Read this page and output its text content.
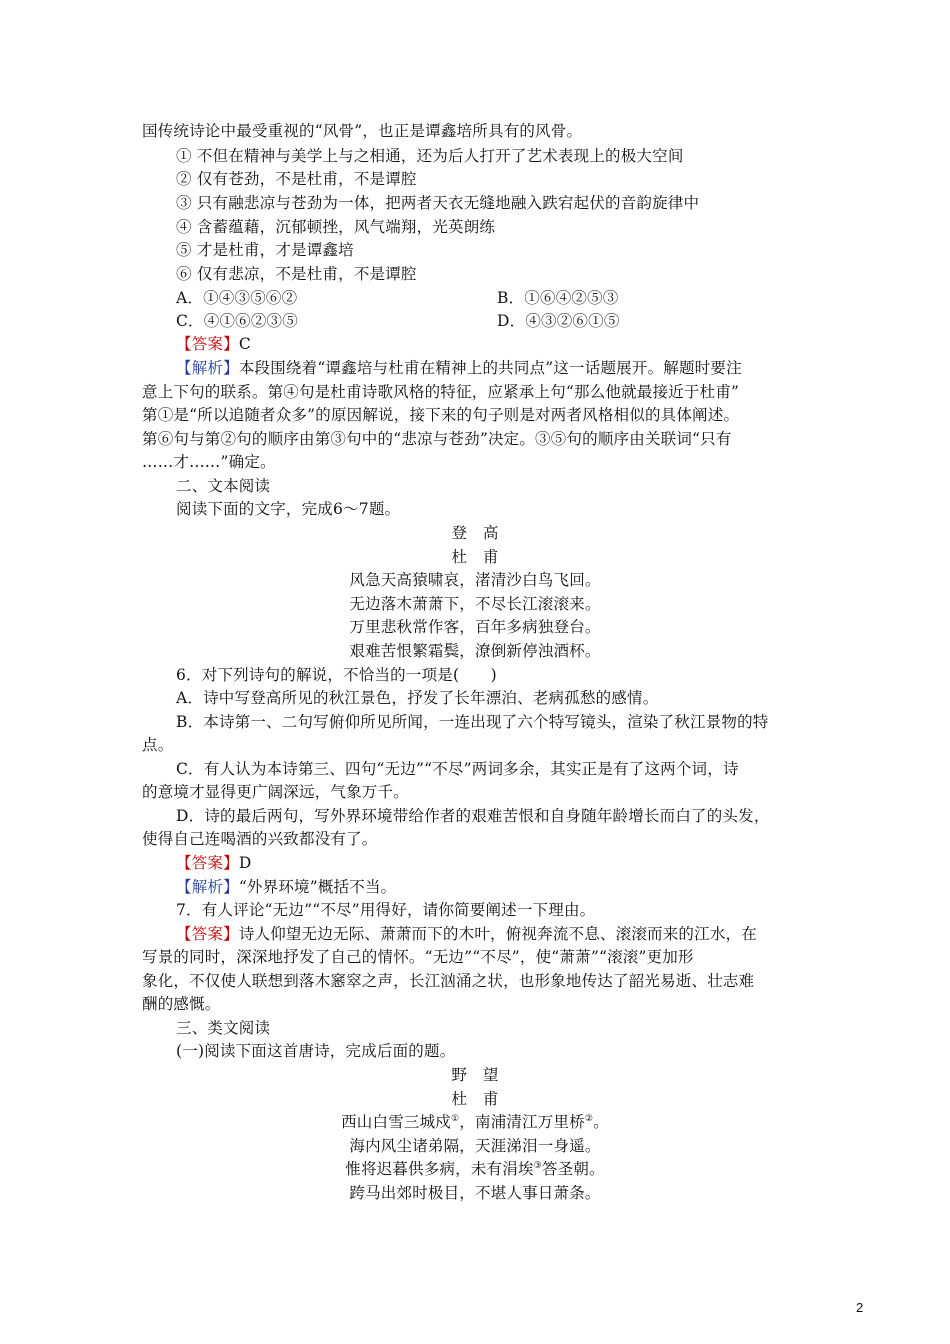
国传统诗论中最受重视的“风骨”，也正是谭鑫培所具有的风骨。
① 不但在精神与美学上与之相通，还为后人打开了艺术表现上的极大空间
② 仅有苍劲，不是杜甫，不是谭腔
③ 只有融悲凉与苍劲为一体，把两者天衣无缝地融入跌宕起伏的音韵旋律中
④ 含蓄蕴藉，沉郁顿挫，风气端翔，光英朗练
⑤ 才是杜甫，才是谭鑫培
⑥ 仅有悲凉，不是杜甫，不是谭腔
A．①④③⑤⑥②	B．①⑥④②⑤③
C．④①⑥②③⑤	D．④③②⑥①⑤
【答案】C
【解析】本段围绕着“谭鑫培与杜甫在精神上的共同点”这一话题展开。解题时要注
意上下句的联系。第④句是杜甫诗歌风格的特征，应紧承上句“那么他就最接近于杜甫”
第①是“所以追随者众多”的原因解说，接下来的句子则是对两者风格相似的具体阐述。
第⑥句与第②句的顺序由第③句中的“悲凉与苍劲”决定。③⑤句的顺序由关联词“只有
……才……”确定。
二、文本阅读
阅读下面的文字，完成6～7题。
登　高
杜　甫
风急天高猿啸哀，渚清沙白鸟飞回。
无边落木萧萧下，不尽长江滚滚来。
万里悲秋常作客，百年多病独登台。
艰难苦恨繁霜鬓，潦倒新停浊酒杯。
6．对下列诗句的解说，不恰当的一项是(　　)
A．诗中写登高所见的秋江景色，抒发了长年漂泊、老病孤愁的感情。
B．本诗第一、二句写俯仰所见所闻，一连出现了六个特写镜头，渲染了秋江景物的特
点。
C．有人认为本诗第三、四句“无边”“不尽”两词多余，其实正是有了这两个词，诗
的意境才显得更广阔深远，气象万千。
D．诗的最后两句，写外界环境带给作者的艰难苦恨和自身随年龄增长而白了的头发，
使得自己连喝酒的兴致都没有了。
【答案】D
【解析】“外界环境”概括不当。
7．有人评论“无边”“不尽”用得好，请你简要阐述一下理由。
【答案】诗人仰望无边无际、萧萧而下的木叶，俯视奔流不息、滚滚而来的江水，在
写景的同时，深深地抒发了自己的情怀。“无边”“不尽”，使“萧萧”“滚滚”更加形
象化，不仅使人联想到落木窸窣之声，长江汹涌之状，也形象地传达了韶光易逝、壮志难
酬的感慨。
三、类文阅读
(一)阅读下面这首唐诗，完成后面的题。
野　望
杜　甫
西山白雪三城戍①，南浦清江万里桥②。
海内风尘诸弟隔，天涯涕泪一身遥。
惟将迟暮供多病，未有涓埃③答圣朝。
跨马出郊时极目，不堪人事日萧条。
2
